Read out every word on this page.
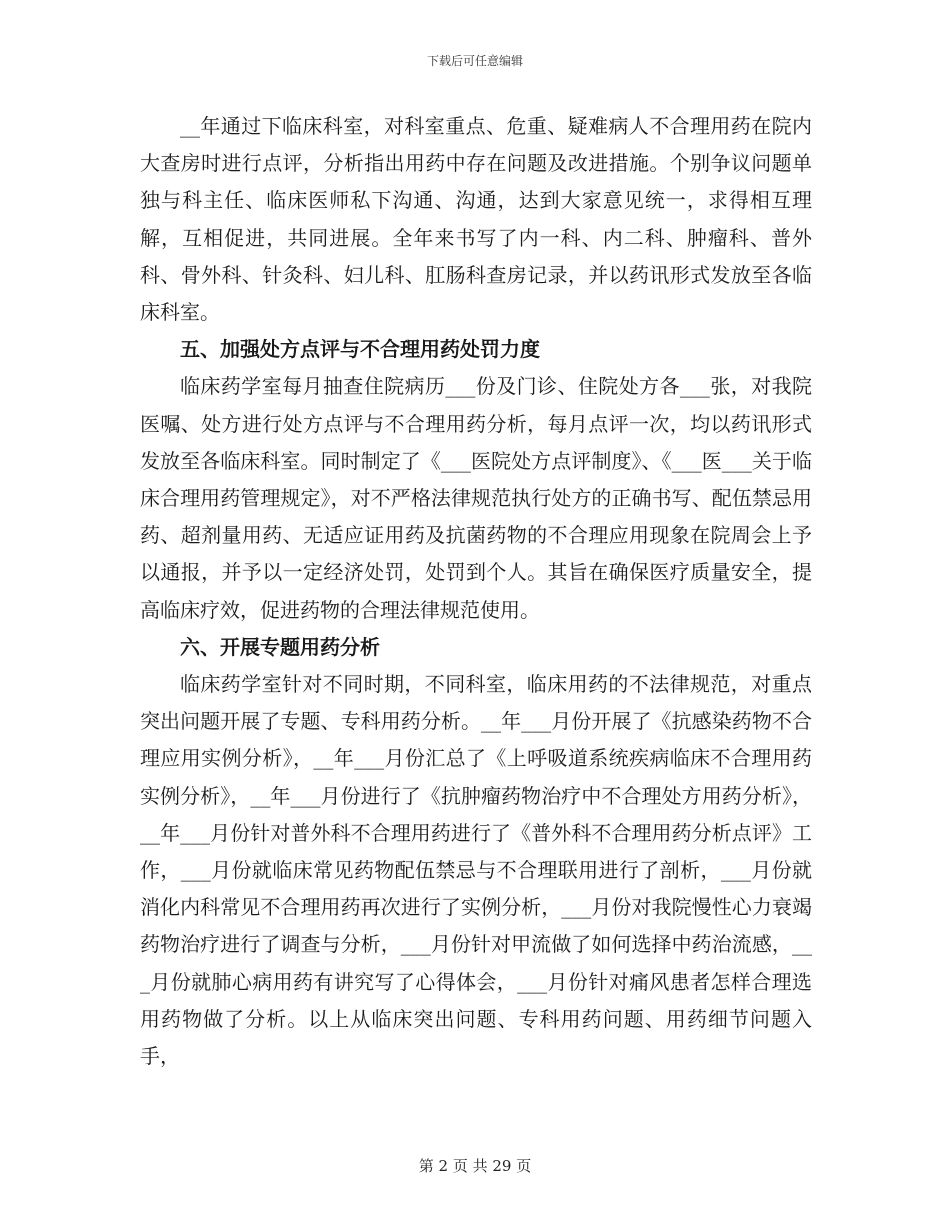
下载后可任意编辑

__年通过下临床科室，对科室重点、危重、疑难病人不合理用药在院内大查房时进行点评，分析指出用药中存在问题及改进措施。个别争议问题单独与科主任、临床医师私下沟通、沟通，达到大家意见统一，求得相互理解，互相促进，共同进展。全年来书写了内一科、内二科、肿瘤科、普外科、骨外科、针灸科、妇儿科、肛肠科查房记录，并以药讯形式发放至各临床科室。

五、加强处方点评与不合理用药处罚力度

临床药学室每月抽查住院病历___份及门诊、住院处方各___张，对我院医嘱、处方进行处方点评与不合理用药分析，每月点评一次，均以药讯形式发放至各临床科室。同时制定了《___医院处方点评制度》、《___医___关于临床合理用药管理规定》，对不严格法律规范执行处方的正确书写、配伍禁忌用药、超剂量用药、无适应证用药及抗菌药物的不合理应用现象在院周会上予以通报，并予以一定经济处罚，处罚到个人。其旨在确保医疗质量安全，提高临床疗效，促进药物的合理法律规范使用。

六、开展专题用药分析

临床药学室针对不同时期，不同科室，临床用药的不法律规范，对重点突出问题开展了专题、专科用药分析。__年___月份开展了《抗感染药物不合理应用实例分析》，__年___月份汇总了《上呼吸道系统疾病临床不合理用药实例分析》，__年___月份进行了《抗肿瘤药物治疗中不合理处方用药分析》，__年___月份针对普外科不合理用药进行了《普外科不合理用药分析点评》工作，___月份就临床常见药物配伍禁忌与不合理联用进行了剖析，___月份就消化内科常见不合理用药再次进行了实例分析，___月份对我院慢性心力衰竭药物治疗进行了调查与分析，___月份针对甲流做了如何选择中药治流感，___月份就肺心病用药有讲究写了心得体会，___月份针对痛风患者怎样合理选用药物做了分析。以上从临床突出问题、专科用药问题、用药细节问题入手，

第 2 页 共 29 页
